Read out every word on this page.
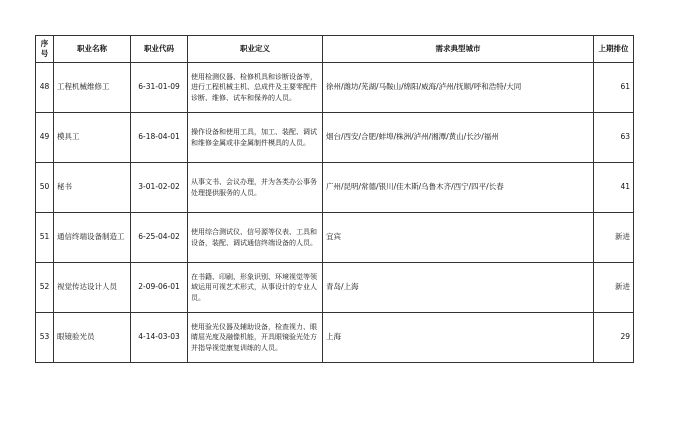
序号	职业名称	职业代码	职业定义	需求典型城市	上期排位
48	工程机械维修工	6-31-01-09	使用检测仪器、检修机具和诊断设备等，进行工程机械主机、总成件及主要零配件诊断、维修、试车和保养的人员。	徐州/潍坊/芜湖/马鞍山/绵阳/威海/泸州/抚顺/呼和浩特/大同	61
49	模具工	6-18-04-01	操作设备和使用工具，加工、装配、调试和维修金属或非金属制件模具的人员。	烟台/西安/合肥/蚌埠/株洲/泸州/湘潭/黄山/长沙/福州	63
50	秘书	3-01-02-02	从事文书、会议办理，并为各类办公事务处理提供服务的人员。	广州/昆明/常德/银川/佳木斯/乌鲁木齐/西宁/四平/长春	41
51	通信终端设备制造工	6-25-04-02	使用综合测试仪、信号源等仪表、工具和设备，装配、调试通信终端设备的人员。	宜宾	新进
52	视觉传达设计人员	2-09-06-01	在书籍、印刷、形象识别、环境视觉等领域运用可视艺术形式，从事设计的专业人员。	青岛/上海	新进
53	眼镜验光员	4-14-03-03	使用验光仪器及辅助设备，检查视力、眼睛屈光度及融像机能，开具眼镜验光处方并指导视觉康复训练的人员。	上海	29
